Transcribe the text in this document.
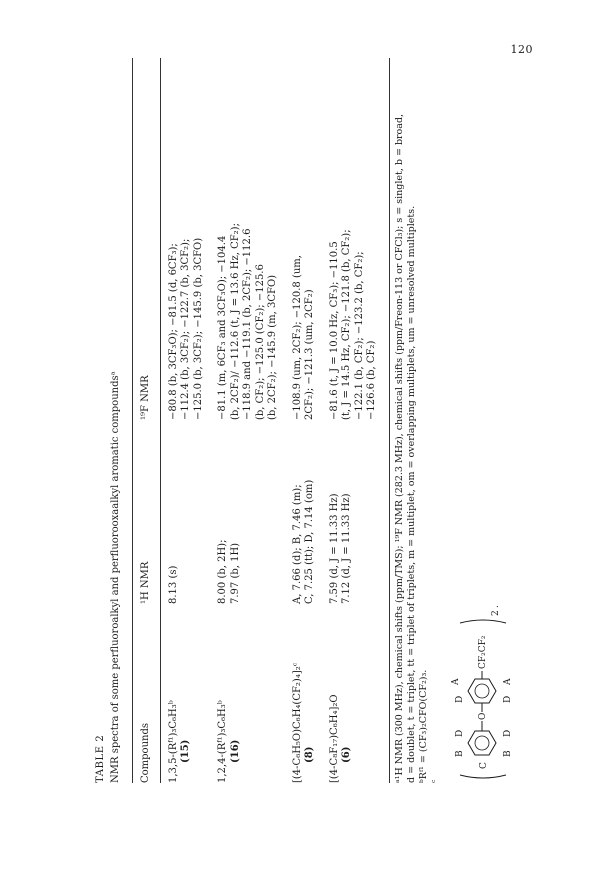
120
TABLE 2 NMR spectra of some perfluoroalkyl and perfluorooxaalkyl aromatic compoundsᵃ Compounds	¹H NMR	¹⁹F NMR

1,3,5-(Rᶠ¹)₃C₆H₃ᵇ (15)	8.13 (s)	−80.8 (b, 3CF₃O); −81.5 (d, 6CF₃); −112.4 (b, 3CF₂); −122.7 (b, 3CF₂); −125.0 (b, 3CF₂); −145.9 (b, 3CFO)

1,2,4-(Rᶠ¹)₃C₆H₃ᵇ (16)	8.00 (b, 2H); 7.97 (b, 1H)	−81.1 (m, 6CF₃ and 3CF₃O); −104.4 (b, 2CF₂)/ −112.6 (t, J = 13.6 Hz, CF₂); −118.9 and −119.1 (b, 2CF₂); −112.6 (b, CF₂); −125.0 (CF₂); −125.6 (b, 2CF₂); −145.9 (m, 3CFO)

[(4-C₆H₅O)C₆H₄(CF₂)₄]₂ᶜ (8)	A, 7.66 (d); B, 7.46 (m); C, 7.25 (tt); D, 7.14 (om)	−108.9 (um, 2CF₂); −120.8 (um, 2CF₂); −121.3 (um, 2CF₂)

[(4-C₈F₁₇)C₆H₄]₂O (6)	7.59 (d, J = 11.33 Hz) 7.12 (d, J = 11.33 Hz)	−81.6 (t, J = 10.0 Hz, CF₃); −110.5 (t, J = 14.5 Hz, CF₂); −121.8 (b, CF₂); −122.1 (b, CF₂); −123.2 (b, CF₂); −126.6 (b, CF₂) ᵃ¹H NMR (300 MHz), chemical shifts (ppm/TMS); ¹⁹F NMR (282.3 MHz), chemical shifts (ppm/Freon-113 or CFCl₃); s = singlet, b = broad, d = doublet, t = triplet, tt = triplet of triplets, m = multiplet, om = overlapping multiplets, um = unresolved multiplets. ᵇRᶠ¹ = (CF₃)₂CFO(CF₂)₃. ᶜ
C
B
D
B
D
O
D
A
D
A
CF₂CF₂
2
.
